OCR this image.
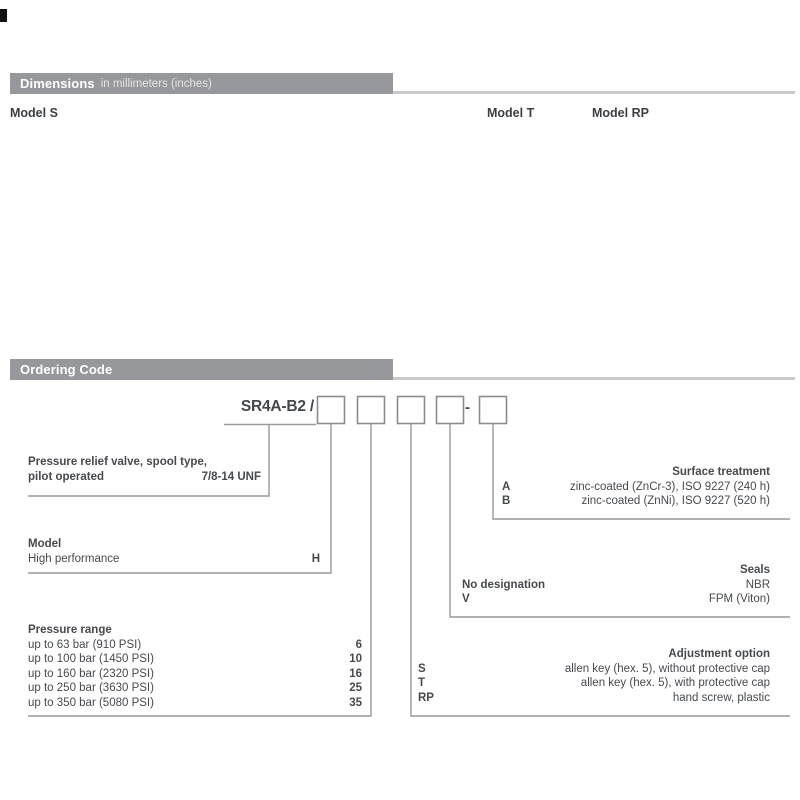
Dimensions in millimeters (inches)
Model S	Model T	Model RP
7/8-14UNF-2A Ø15,82 (0.62)
24
35+5 Nm
(25.81+3.69 lbf.ft)
17
10+2 Nm
(7.38+1.48 lbf.ft)
Ø26,5 (1.04)
5
- p	+ p
31 (1.22)	69 (2.72)	89 (3.50)
20 (0.79)
Ø 40 (1.57)
32(1.26)
81 (3.19)
Ordering Code
SR4A-B2 /	-
Pressure relief valve, spool type,
pilot operated	7/8-14 UNF
Model
High performance	H
Pressure range
up to 63 bar (910 PSI)	6
up to 100 bar (1450 PSI)	10
up to 160 bar (2320 PSI)	16
up to 250 bar (3630 PSI)	25
up to 350 bar (5080 PSI)	35
Surface treatment
A	zinc-coated (ZnCr-3), ISO 9227 (240 h)
B	zinc-coated (ZnNi), ISO 9227 (520 h)
Seals
No designation	NBR
V	FPM (Viton)
Adjustment option
S	allen key (hex. 5), without protective cap
T	allen key (hex. 5), with protective cap
RP	hand screw, plastic
